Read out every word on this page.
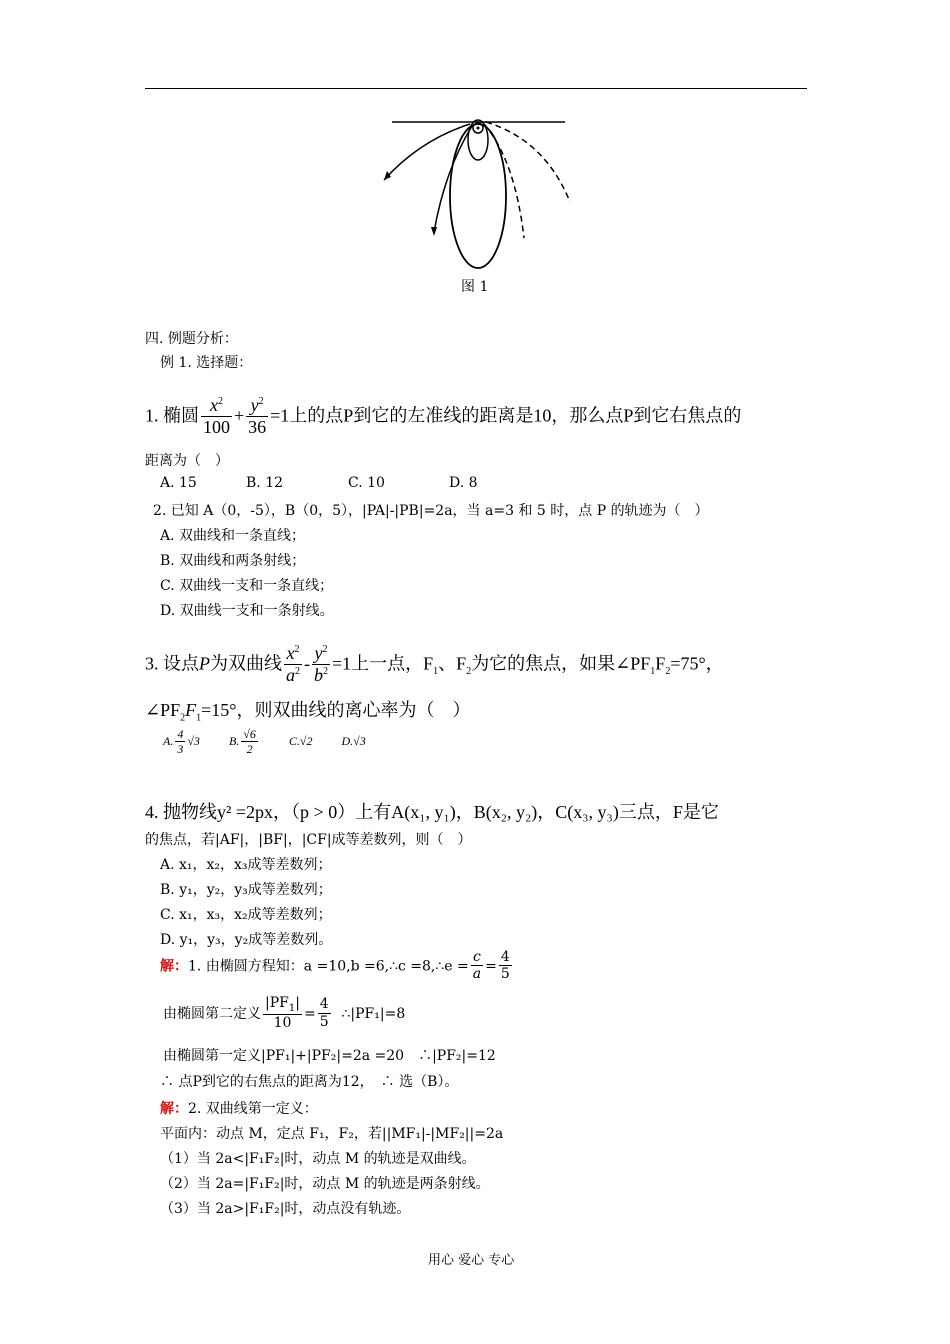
图 1
四. 例题分析：
例 1. 选择题：
1. 椭圆 $\frac{x^2}{100} + \frac{y^2}{36} =1$上的点P到它的左准线的距离是10，那么点P到它右焦点的
距离为（　）
A. 15	B. 12	C. 10	D. 8
2. 已知 A（0，-5），B（0，5），|PA|-|PB|=2a，当 a=3 和 5 时，点 P 的轨迹为（　）
A. 双曲线和一条直线；
B. 双曲线和两条射线；
C. 双曲线一支和一条直线；
D. 双曲线一支和一条射线。
3. 设点P为双曲线 $\frac{x^2}{a^2} - \frac{y^2}{b^2} =1$上一点，$F_1$、$F_2$为它的焦点，如果$\angle PF_1F_2=75^\circ$，
$\angle PF_2F_1=15^\circ$，则双曲线的离心率为（　）
A. $\frac{4}{3} √3$ B. $\frac{√6}{2}$	C.√2 D.√3
4. 抛物线y² =2px，（p > 0）上有A(x₁, y₁)，B(x₂, y₂)，C(x₃, y₃)三点，F是它
的焦点，若|AF|，|BF|，|CF|成等差数列，则（　）
A. x₁，x₂，x₃成等差数列；
B. y₁，y₂，y₃成等差数列；
C. x₁，x₃，x₂成等差数列；
D. y₁，y₃，y₂成等差数列。
解：1. 由椭圆方程知：a =10,b =6,∴c =8,∴e = $\frac{c}{a} = \frac{4}{5}$
由椭圆第二定义 $\frac{|PF_1|}{10} = \frac{4}{5}$ ∴|PF₁|=8
由椭圆第一定义|PF₁|+|PF₂|=2a =20　∴|PF₂|=12
∴ 点P到它的右焦点的距离为12，　∴ 选（B）。
解：2. 双曲线第一定义：
平面内：动点 M，定点 F₁，F₂，若||MF₁|-|MF₂||=2a
（1）当 2a<|F₁F₂|时，动点 M 的轨迹是双曲线。
（2）当 2a=|F₁F₂|时，动点 M 的轨迹是两条射线。
（3）当 2a>|F₁F₂|时，动点没有轨迹。
用心 爱心 专心
